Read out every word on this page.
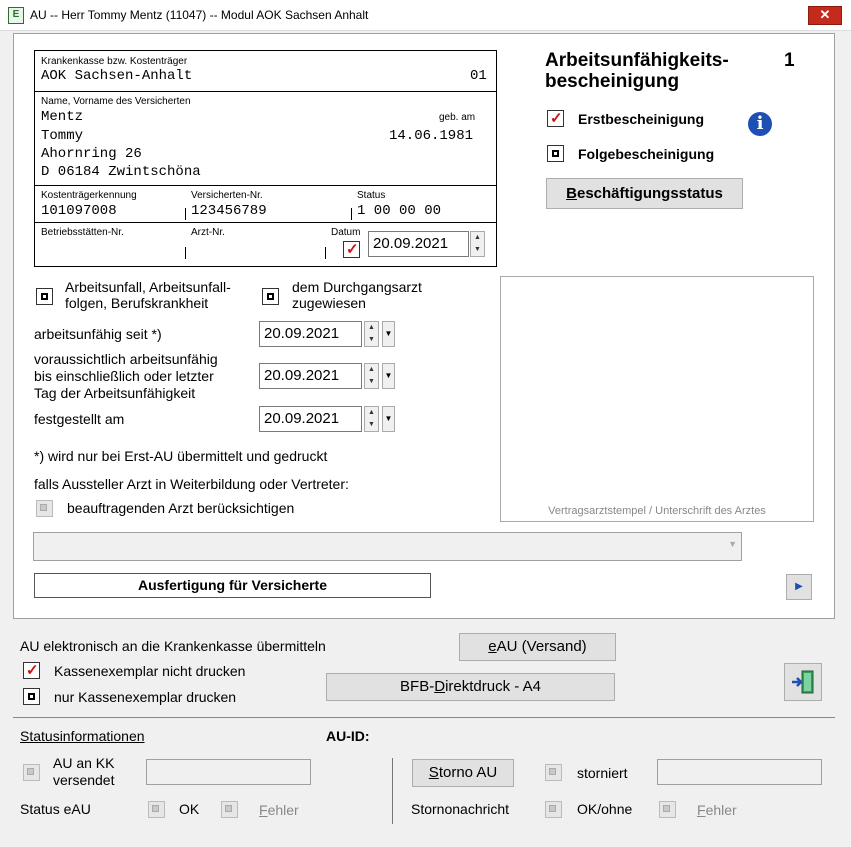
E AU -- Herr Tommy Mentz (11047) -- Modul AOK Sachsen Anhalt	✕
Krankenkasse bzw. Kostenträger
AOK Sachsen-Anhalt	01
Name, Vorname des Versicherten
geb. am
Mentz
Tommy	14.06.1981
Ahornring 26
D 06184 Zwintschöna
Kostenträgerkennung	Versicherten-Nr.	Status
101097008	123456789	1 00 00 00
Betriebsstätten-Nr.	Arzt-Nr.	Datum
✓
20.09.2021	▲
▼
Arbeitsunfähigkeits-
bescheinigung
1
✓
Erstbescheinigung	i
Folgebescheinigung
Beschäftigungsstatus
Arbeitsunfall, Arbeitsunfall-
folgen, Berufskrankheit
dem Durchgangsarzt
zugewiesen
arbeitsunfähig seit *)	20.09.2021	▲
▼
▼
voraussichtlich arbeitsunfähig
bis einschließlich oder letzter
Tag der Arbeitsunfähigkeit
20.09.2021	▲
▼
▼
festgestellt am	20.09.2021	▲
▼
▼
*) wird nur bei Erst-AU übermittelt und gedruckt
falls Aussteller Arzt in Weiterbildung oder Vertreter:
beauftragenden Arzt berücksichtigen	Vertragsarztstempel / Unterschrift des Arztes
▼
Ausfertigung für Versicherte	▶
AU elektronisch an die Krankenkasse übermitteln	eAU (Versand)
✓
Kassenexemplar nicht drucken
nur Kassenexemplar drucken
BFB-Direktdruck - A4
Statusinformationen	AU-ID:
AU an KK
versendet	Storno AU	storniert
Status eAU	OK	Fehler	Stornonachricht	OK/ohne	Fehler
